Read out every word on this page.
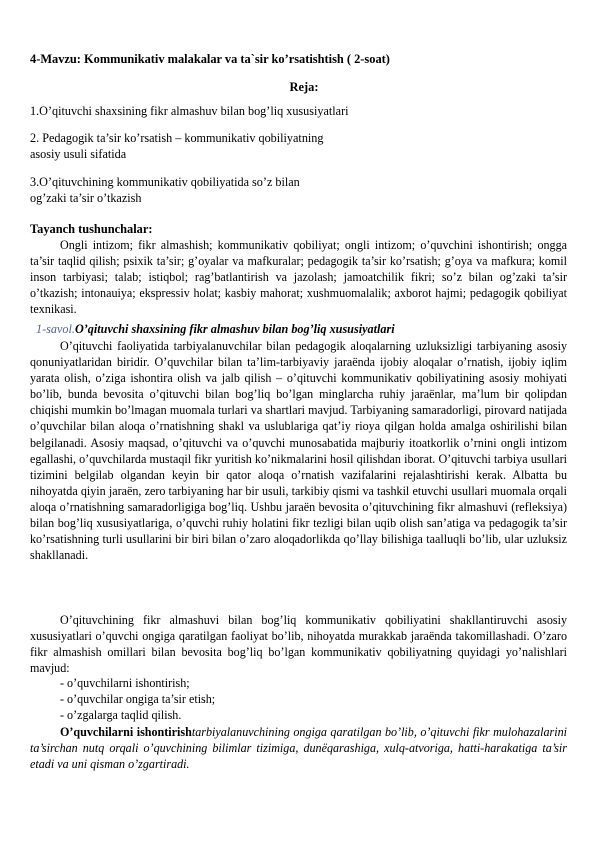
4-Mavzu: Kommunikativ malakalar va ta`sir ko’rsatishtish ( 2-soat)
Reja:
1.O’qituvchi shaxsining fikr almashuv bilan bog’liq xususiyatlari
2. Pedagogik ta’sir ko’rsatish – kommunikativ qobiliyatning
asosiy usuli sifatida
3.O’qituvchining kommunikativ qobiliyatida so’z bilan
og’zaki ta’sir o’tkazish
Tayanch tushunchalar:
Ongli intizom; fikr almashish; kommunikativ qobiliyat; ongli intizom; o’quvchini ishontirish; ongga ta’sir taqlid qilish; psixik ta’sir; g’oyalar va mafkuralar; pedagogik ta’sir ko’rsatish; g’oya va mafkura; komil inson tarbiyasi; talab; istiqbol; rag’batlantirish va jazolash; jamoatchilik fikri; so’z bilan og’zaki ta’sir o’tkazish; intonauiya; ekspressiv holat; kasbiy mahorat; xushmuomalalik; axborot hajmi; pedagogik qobiliyat texnikasi.
1-savol.O’qituvchi shaxsining fikr almashuv bilan bog’liq xususiyatlari
O’qituvchi faoliyatida tarbiyalanuvchilar bilan pedagogik aloqalarning uzluksizligi tarbiyaning asosiy qonuniyatlaridan biridir. O’quvchilar bilan ta’lim-tarbiyaviy jaraёnda ijobiy aloqalar o’rnatish, ijobiy iqlim yarata olish, o’ziga ishontira olish va jalb qilish – o’qituvchi kommunikativ qobiliyatining asosiy mohiyati bo’lib, bunda bevosita o’qituvchi bilan bog’liq bo’lgan minglarcha ruhiy jaraёnlar, ma’lum bir qolipdan chiqishi mumkin bo’lmagan muomala turlari va shartlari mavjud. Tarbiyaning samaradorligi, pirovard natijada o’quvchilar bilan aloqa o’rnatishning shakl va uslublariga qat’iy rioya qilgan holda amalga oshirilishi bilan belgilanadi. Asosiy maqsad, o’qituvchi va o’quvchi munosabatida majburiy itoatkorlik o’rnini ongli intizom egallashi, o’quvchilarda mustaqil fikr yuritish ko’nikmalarini hosil qilishdan iborat. O’qituvchi tarbiya usullari tizimini belgilab olgandan keyin bir qator aloqa o’rnatish vazifalarini rejalashtirishi kerak. Albatta bu nihoyatda qiyin jaraёn, zero tarbiyaning har bir usuli, tarkibiy qismi va tashkil etuvchi usullari muomala orqali aloqa o’rnatishning samaradorligiga bog’liq. Ushbu jaraёn bevosita o’qituvchining fikr almashuvi (refleksiya) bilan bog’liq xususiyatlariga, o’quvchi ruhiy holatini fikr tezligi bilan uqib olish san’atiga va pedagogik ta’sir ko’rsatishning turli usullarini bir biri bilan o’zaro aloqadorlikda qo’llay bilishiga taalluqli bo’lib, ular uzluksiz shakllanadi.
O’qituvchining fikr almashuvi bilan bog’liq kommunikativ qobiliyatini shakllantiruvchi asosiy xususiyatlari o’quvchi ongiga qaratilgan faoliyat bo’lib, nihoyatda murakkab jaraёnda takomillashadi. O’zaro fikr almashish omillari bilan bevosita bog’liq bo’lgan kommunikativ qobiliyatning quyidagi yo’nalishlari mavjud:
- o’quvchilarni ishontirish;
- o’quvchilar ongiga ta’sir etish;
- o’zgalarga taqlid qilish.
O’quvchilarni ishontirishtarbiyalanuvchining ongiga qaratilgan bo’lib, o’qituvchi fikr mulohazalarini ta’sirchan nutq orqali o’quvchining bilimlar tizimiga, dunёqarashiga, xulq-atvoriga, hatti-harakatiga ta’sir etadi va uni qisman o’zgartiradi.
